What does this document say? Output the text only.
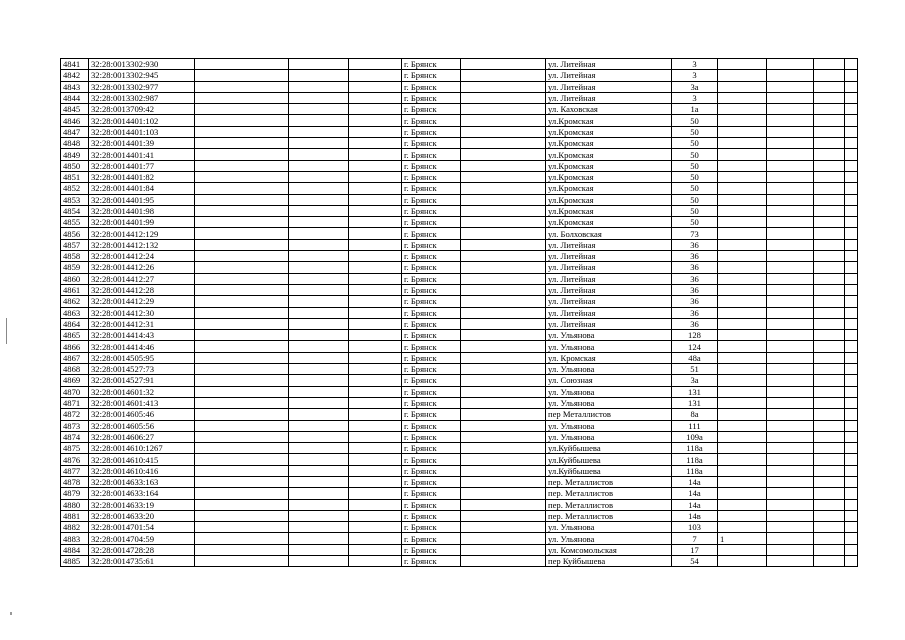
4841	32:28:0013302:930				г. Брянск		ул. Литейная	3				
4842	32:28:0013302:945				г. Брянск		ул. Литейная	3				
4843	32:28:0013302:977				г. Брянск		ул. Литейная	3а				
4844	32:28:0013302:987				г. Брянск		ул. Литейная	3				
4845	32:28:0013709:42				г. Брянск		ул. Каховская	1а				
4846	32:28:0014401:102				г. Брянск		ул.Кромская	50				
4847	32:28:0014401:103				г. Брянск		ул.Кромская	50				
4848	32:28:0014401:39				г. Брянск		ул.Кромская	50				
4849	32:28:0014401:41				г. Брянск		ул.Кромская	50				
4850	32:28:0014401:77				г. Брянск		ул.Кромская	50				
4851	32:28:0014401:82				г. Брянск		ул.Кромская	50				
4852	32:28:0014401:84				г. Брянск		ул.Кромская	50				
4853	32:28:0014401:95				г. Брянск		ул.Кромская	50				
4854	32:28:0014401:98				г. Брянск		ул.Кромская	50				
4855	32:28:0014401:99				г. Брянск		ул.Кромская	50				
4856	32:28:0014412:129				г. Брянск		ул. Болховская	73				
4857	32:28:0014412:132				г. Брянск		ул. Литейная	36				
4858	32:28:0014412:24				г. Брянск		ул. Литейная	36				
4859	32:28:0014412:26				г. Брянск		ул. Литейная	36				
4860	32:28:0014412:27				г. Брянск		ул. Литейная	36				
4861	32:28:0014412:28				г. Брянск		ул. Литейная	36				
4862	32:28:0014412:29				г. Брянск		ул. Литейная	36				
4863	32:28:0014412:30				г. Брянск		ул. Литейная	36				
4864	32:28:0014412:31				г. Брянск		ул. Литейная	36				
4865	32:28:0014414:43				г. Брянск		ул. Ульянова	128				
4866	32:28:0014414:46				г. Брянск		ул. Ульянова	124				
4867	32:28:0014505:95				г. Брянск		ул. Кромская	48а				
4868	32:28:0014527:73				г. Брянск		ул. Ульянова	51				
4869	32:28:0014527:91				г. Брянск		ул. Союзная	3а				
4870	32:28:0014601:32				г. Брянск		ул. Ульянова	131				
4871	32:28:0014601:413				г. Брянск		ул. Ульянова	131				
4872	32:28:0014605:46				г. Брянск		пер Металлистов	8а				
4873	32:28:0014605:56				г. Брянск		ул. Ульянова	111				
4874	32:28:0014606:27				г. Брянск		ул. Ульянова	109а				
4875	32:28:0014610:1267				г. Брянск		ул.Куйбышева	118а				
4876	32:28:0014610:415				г. Брянск		ул.Куйбышева	118а				
4877	32:28:0014610:416				г. Брянск		ул.Куйбышева	118а				
4878	32:28:0014633:163				г. Брянск		пер. Металлистов	14а				
4879	32:28:0014633:164				г. Брянск		пер. Металлистов	14а				
4880	32:28:0014633:19				г. Брянск		пер. Металлистов	14а				
4881	32:28:0014633:20				г. Брянск		пер. Металлистов	14в				
4882	32:28:0014701:54				г. Брянск		ул. Ульянова	103				
4883	32:28:0014704:59				г. Брянск		ул. Ульянова	7	1			
4884	32:28:0014728:28				г. Брянск		ул. Комсомольская	17				
4885	32:28:0014735:61				г. Брянск		пер Куйбышева	54				
